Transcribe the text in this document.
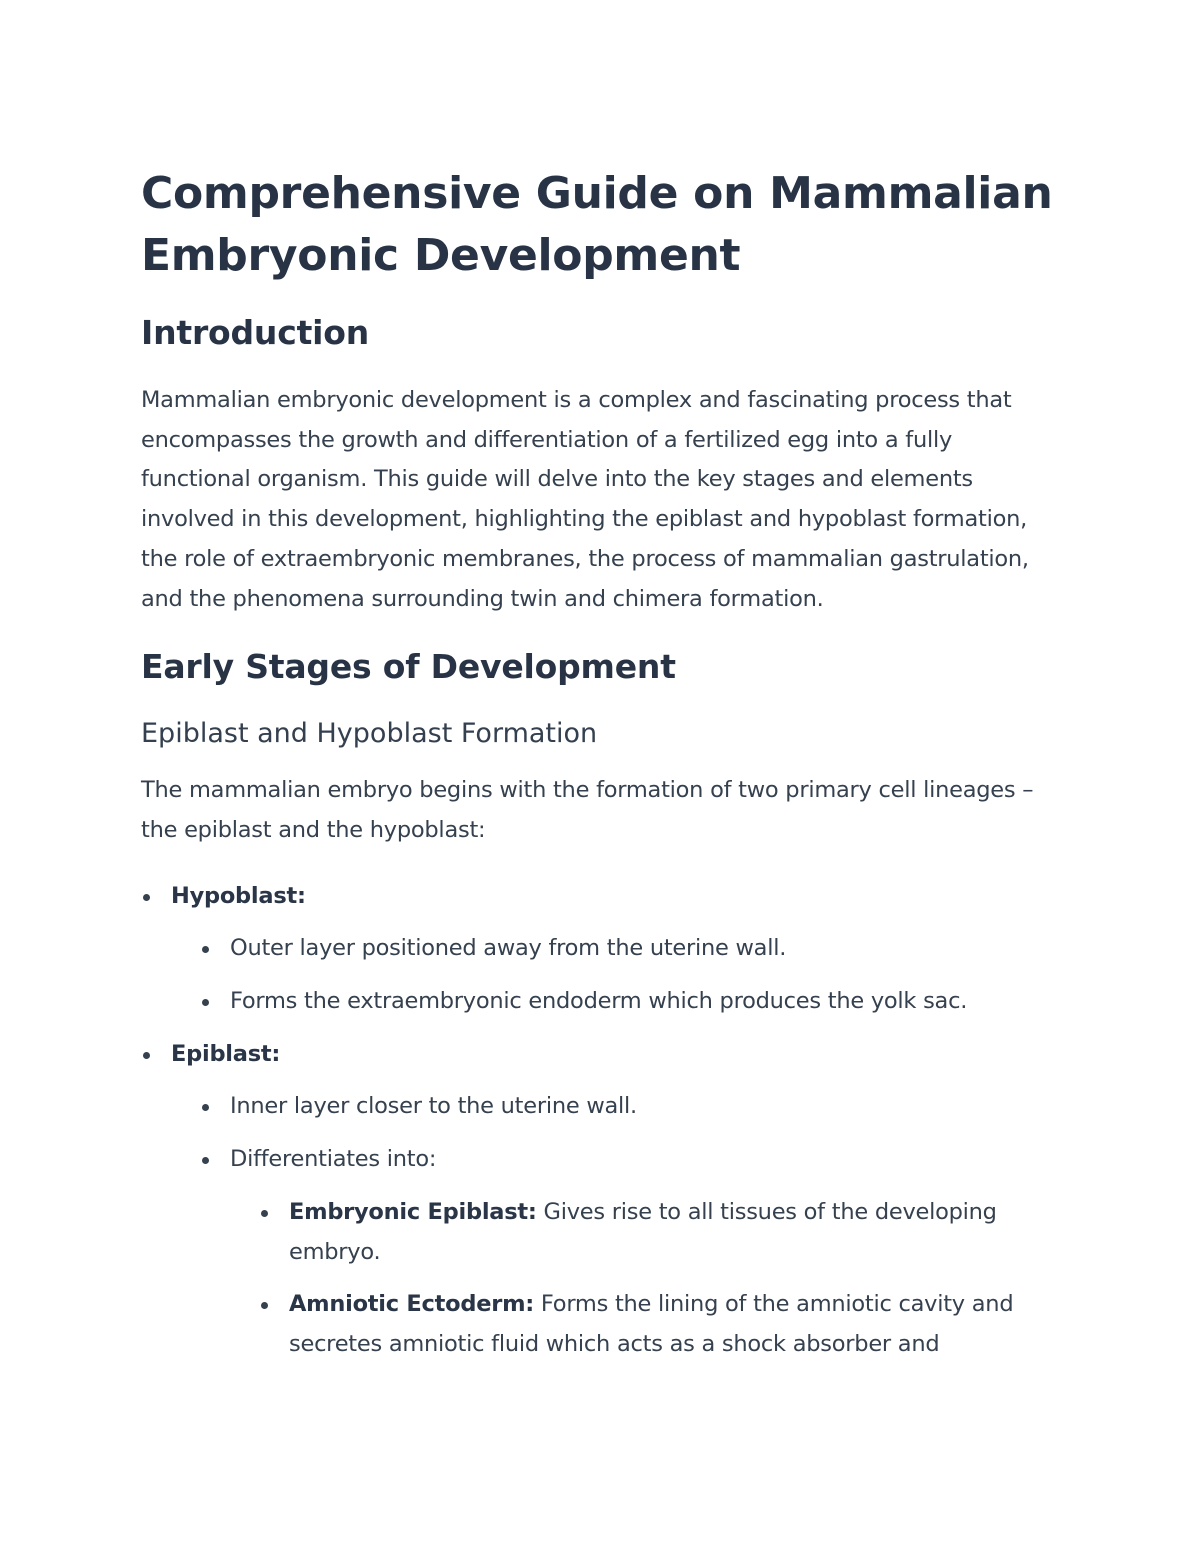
Comprehensive Guide on Mammalian Embryonic Development
Introduction

Mammalian embryonic development is a complex and fascinating process that encompasses the growth and differentiation of a fertilized egg into a fully functional organism. This guide will delve into the key stages and elements involved in this development, highlighting the epiblast and hypoblast formation, the role of extraembryonic membranes, the process of mammalian gastrulation, and the phenomena surrounding twin and chimera formation.

Early Stages of Development
Epiblast and Hypoblast Formation

The mammalian embryo begins with the formation of two primary cell lineages – the epiblast and the hypoblast:

Hypoblast:
Outer layer positioned away from the uterine wall.
Forms the extraembryonic endoderm which produces the yolk sac.
Epiblast:
Inner layer closer to the uterine wall.
Differentiates into:
Embryonic Epiblast: Gives rise to all tissues of the developing embryo.
Amniotic Ectoderm: Forms the lining of the amniotic cavity and secretes amniotic fluid which acts as a shock absorber and
